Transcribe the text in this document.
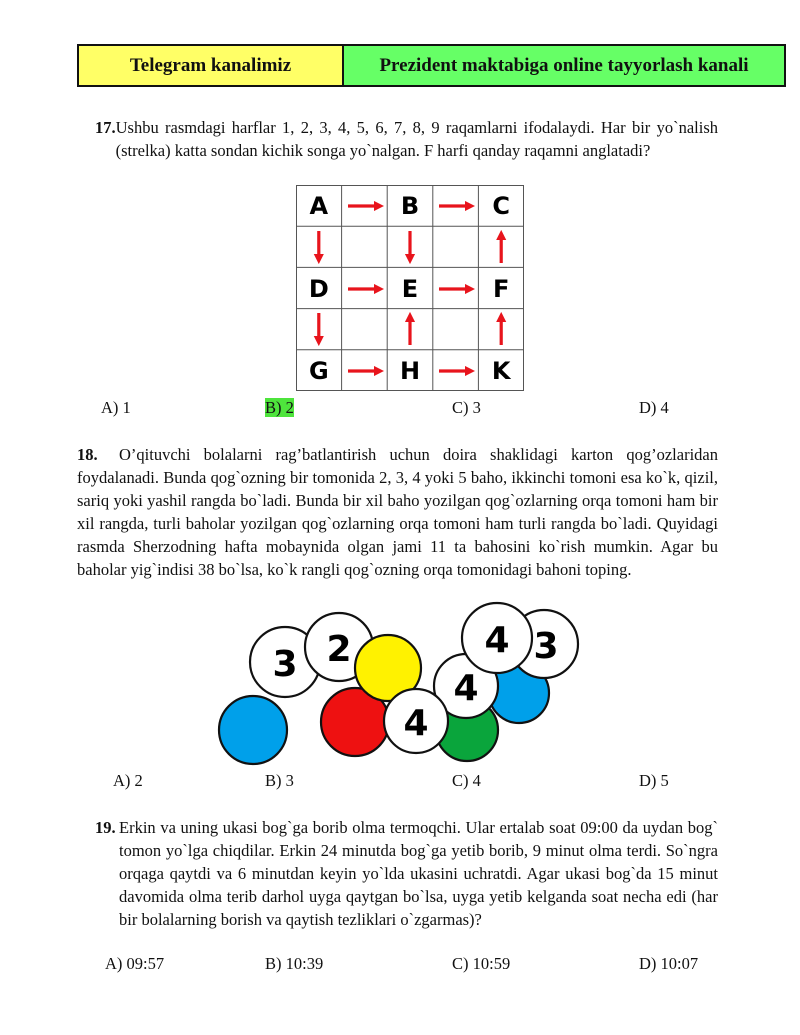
Telegram kanalimiz	Prezident maktabiga online tayyorlash kanali
17. Ushbu rasmdagi harflar 1, 2, 3, 4, 5, 6, 7, 8, 9 raqamlarni ifodalaydi. Har bir yo`nalish (strelka) katta sondan kichik songa yo`nalgan. F harfi qanday raqamni anglatadi?
A	B	C
D	E	F
G	H	K
A) 1	B) 2	C) 3	D) 4
18. O’qituvchi bolalarni rag’batlantirish uchun doira shaklidagi karton qog’ozlaridan foydalanadi. Bunda qog`ozning bir tomonida 2, 3, 4 yoki 5 baho, ikkinchi tomoni esa ko`k, qizil, sariq yoki yashil rangda bo`ladi. Bunda bir xil baho yozilgan qog`ozlarning orqa tomoni ham bir xil rangda, turli baholar yozilgan qog`ozlarning orqa tomoni ham turli rangda bo`ladi. Quyidagi rasmda Sherzodning hafta mobaynida olgan jami 11 ta bahosini ko`rish mumkin. Agar bu baholar yig`indisi 38 bo`lsa, ko`k rangli qog`ozning orqa tomonidagi bahoni toping.
3 2
4
4
4
3
A) 2	B) 3	C) 4	D) 5
19. Erkin va uning ukasi bog`ga borib olma termoqchi. Ular ertalab soat 09:00 da uydan bog` tomon yo`lga chiqdilar. Erkin 24 minutda bog`ga yetib borib, 9 minut olma terdi. So`ngra orqaga qaytdi va 6 minutdan keyin yo`lda ukasini uchratdi. Agar ukasi bog`da 15 minut davomida olma terib darhol uyga qaytgan bo`lsa, uyga yetib kelganda soat necha edi (har bir bolalarning borish va qaytish tezliklari o`zgarmas)?
A) 09:57	B) 10:39	C) 10:59	D) 10:07
